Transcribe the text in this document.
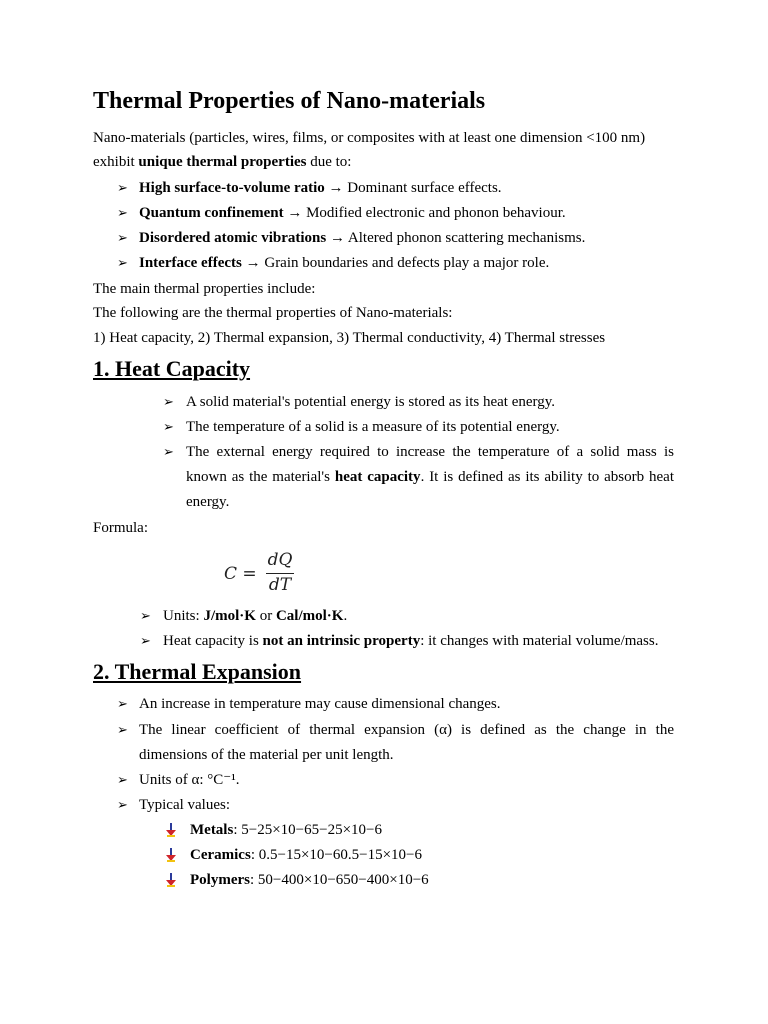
Thermal Properties of Nano-materials
Nano-materials (particles, wires, films, or composites with at least one dimension <100 nm)
exhibit unique thermal properties due to:
➢ High surface-to-volume ratio → Dominant surface effects.
➢ Quantum confinement → Modified electronic and phonon behaviour.
➢ Disordered atomic vibrations → Altered phonon scattering mechanisms.
➢ Interface effects → Grain boundaries and defects play a major role.
The main thermal properties include:
The following are the thermal properties of Nano-materials:
1) Heat capacity, 2) Thermal expansion, 3) Thermal conductivity, 4) Thermal stresses
1. Heat Capacity
➢ A solid material's potential energy is stored as its heat energy.
➢ The temperature of a solid is a measure of its potential energy.
➢ The external energy required to increase the temperature of a solid mass is
known as the material's heat capacity. It is defined as its ability to absorb heat
energy.
Formula:
C =
dQ
dT
➢ Units: J/mol·K or Cal/mol·K.
➢ Heat capacity is not an intrinsic property: it changes with material volume/mass.
2. Thermal Expansion
➢ An increase in temperature may cause dimensional changes.
➢ The linear coefficient of thermal expansion (α) is defined as the change in the
dimensions of the material per unit length.
➢ Units of α: °C⁻¹.
➢ Typical values:
Metals: 5−25×10−65−25×10−6
Ceramics: 0.5−15×10−60.5−15×10−6
Polymers: 50−400×10−650−400×10−6
